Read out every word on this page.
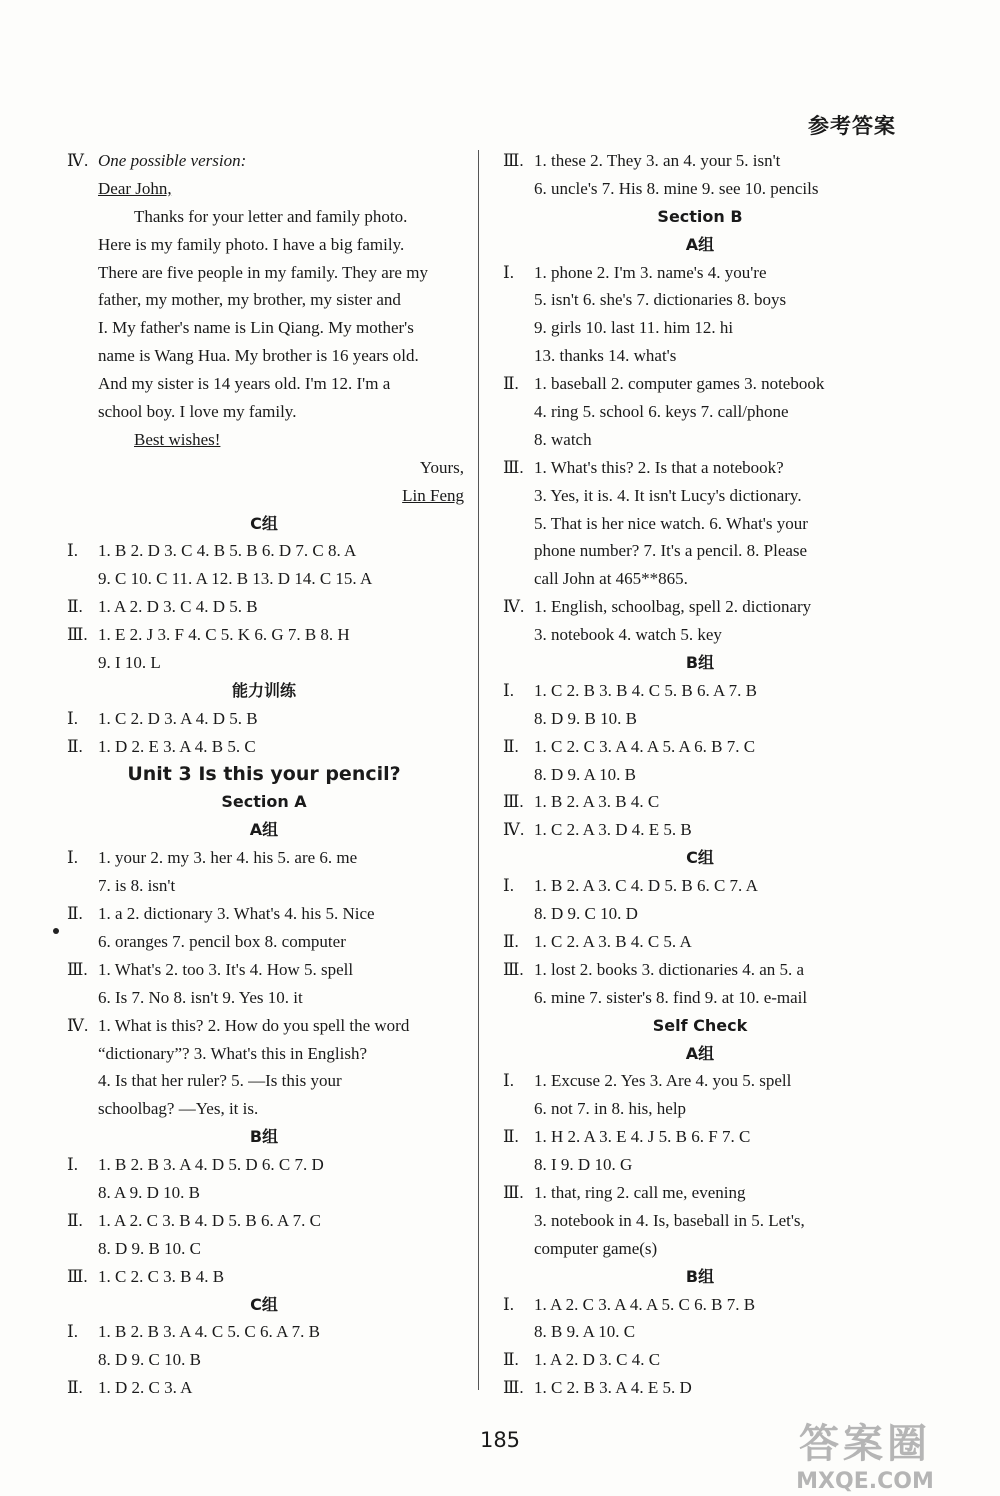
参考答案
Ⅳ. One possible version:
Dear John,
Thanks for your letter and family photo.
Here is my family photo. I have a big family.
There are five people in my family. They are my
father, my mother, my brother, my sister and
I. My father's name is Lin Qiang. My mother's
name is Wang Hua. My brother is 16 years old.
And my sister is 14 years old. I'm 12. I'm a
school boy. I love my family.
Best wishes!
Yours,
Lin Feng
C组
Ⅰ. 1. B 2. D 3. C 4. B 5. B 6. D 7. C 8. A
9. C 10. C 11. A 12. B 13. D 14. C 15. A
Ⅱ. 1. A 2. D 3. C 4. D 5. B
Ⅲ. 1. E 2. J 3. F 4. C 5. K 6. G 7. B 8. H
9. I 10. L
能力训练
Ⅰ. 1. C 2. D 3. A 4. D 5. B
Ⅱ. 1. D 2. E 3. A 4. B 5. C
Unit 3 Is this your pencil?
Section A
A组
Ⅰ. 1. your 2. my 3. her 4. his 5. are 6. me
7. is 8. isn't
Ⅱ. 1. a 2. dictionary 3. What's 4. his 5. Nice
6. oranges 7. pencil box 8. computer
Ⅲ. 1. What's 2. too 3. It's 4. How 5. spell
6. Is 7. No 8. isn't 9. Yes 10. it
Ⅳ. 1. What is this? 2. How do you spell the word
“dictionary”? 3. What's this in English?
4. Is that her ruler? 5. —Is this your
schoolbag? —Yes, it is.
B组
Ⅰ. 1. B 2. B 3. A 4. D 5. D 6. C 7. D
8. A 9. D 10. B
Ⅱ. 1. A 2. C 3. B 4. D 5. B 6. A 7. C
8. D 9. B 10. C
Ⅲ. 1. C 2. C 3. B 4. B
C组
Ⅰ. 1. B 2. B 3. A 4. C 5. C 6. A 7. B
8. D 9. C 10. B
Ⅱ. 1. D 2. C 3. A
Ⅲ. 1. these 2. They 3. an 4. your 5. isn't
6. uncle's 7. His 8. mine 9. see 10. pencils
Section B
A组
Ⅰ. 1. phone 2. I'm 3. name's 4. you're
5. isn't 6. she's 7. dictionaries 8. boys
9. girls 10. last 11. him 12. hi
13. thanks 14. what's
Ⅱ. 1. baseball 2. computer games 3. notebook
4. ring 5. school 6. keys 7. call/phone
8. watch
Ⅲ. 1. What's this? 2. Is that a notebook?
3. Yes, it is. 4. It isn't Lucy's dictionary.
5. That is her nice watch. 6. What's your
phone number? 7. It's a pencil. 8. Please
call John at 465**865.
Ⅳ. 1. English, schoolbag, spell 2. dictionary
3. notebook 4. watch 5. key
B组
Ⅰ. 1. C 2. B 3. B 4. C 5. B 6. A 7. B
8. D 9. B 10. B
Ⅱ. 1. C 2. C 3. A 4. A 5. A 6. B 7. C
8. D 9. A 10. B
Ⅲ. 1. B 2. A 3. B 4. C
Ⅳ. 1. C 2. A 3. D 4. E 5. B
C组
Ⅰ. 1. B 2. A 3. C 4. D 5. B 6. C 7. A
8. D 9. C 10. D
Ⅱ. 1. C 2. A 3. B 4. C 5. A
Ⅲ. 1. lost 2. books 3. dictionaries 4. an 5. a
6. mine 7. sister's 8. find 9. at 10. e-mail
Self Check
A组
Ⅰ. 1. Excuse 2. Yes 3. Are 4. you 5. spell
6. not 7. in 8. his, help
Ⅱ. 1. H 2. A 3. E 4. J 5. B 6. F 7. C
8. I 9. D 10. G
Ⅲ. 1. that, ring 2. call me, evening
3. notebook in 4. Is, baseball in 5. Let's,
computer game(s)
B组
Ⅰ. 1. A 2. C 3. A 4. A 5. C 6. B 7. B
8. B 9. A 10. C
Ⅱ. 1. A 2. D 3. C 4. C
Ⅲ. 1. C 2. B 3. A 4. E 5. D
185	答案圈
MXQE.COM
